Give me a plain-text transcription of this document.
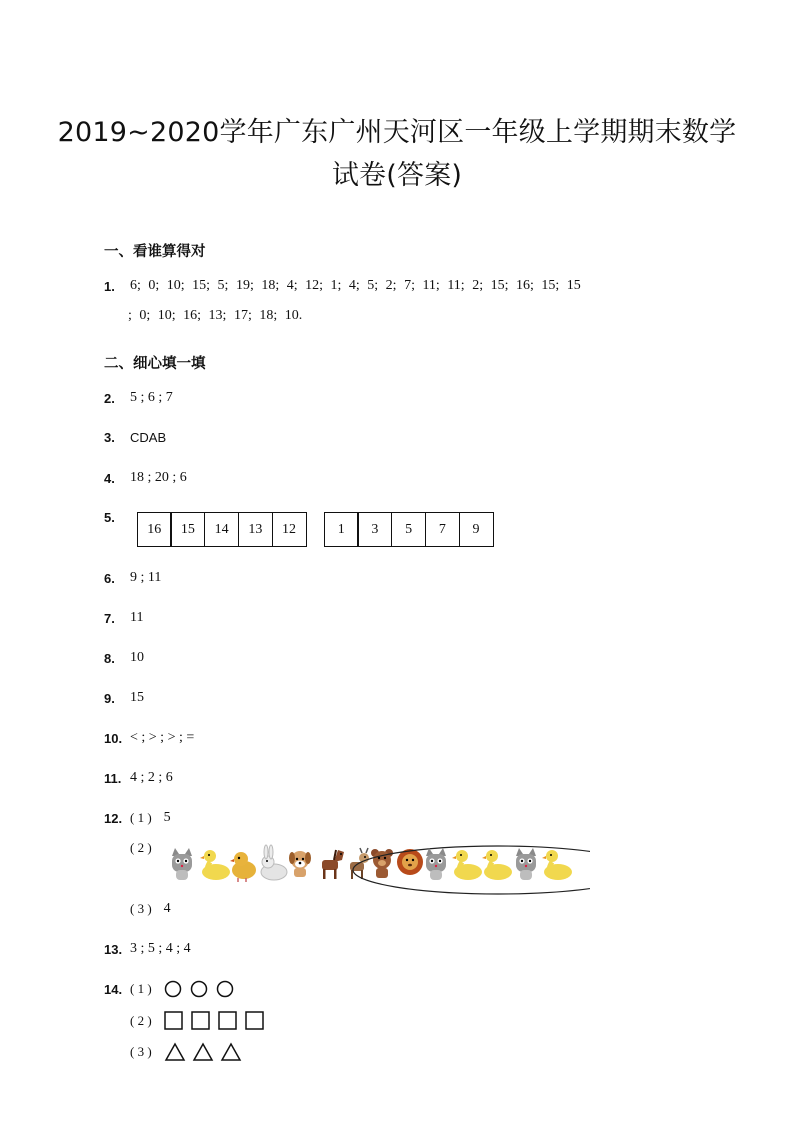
2019~2020学年广东广州天河区一年级上学期期末数学
试卷(答案)
一、看谁算得对
1.	6; 0; 10; 15; 5; 19; 18; 4; 12; 1; 4; 5; 2; 7; 11; 11; 2; 15; 16; 15; 15
; 0; 10; 16; 13; 17; 18; 10.
二、细心填一填
2.	5 ; 6 ; 7
3.	CDAB
4.	18 ; 20 ; 6
5.
16	15	14	13	12	1	3	5	7	9
6.	9 ; 11
7.	11
8.	10
9.	15
10. < ; > ; > ; =
11. 4 ; 2 ; 6
12. ( 1 ) 5
( 2 )
( 3 ) 4
13. 3 ; 5 ; 4 ; 4
14. ( 1 )
( 2 )
( 3 )
